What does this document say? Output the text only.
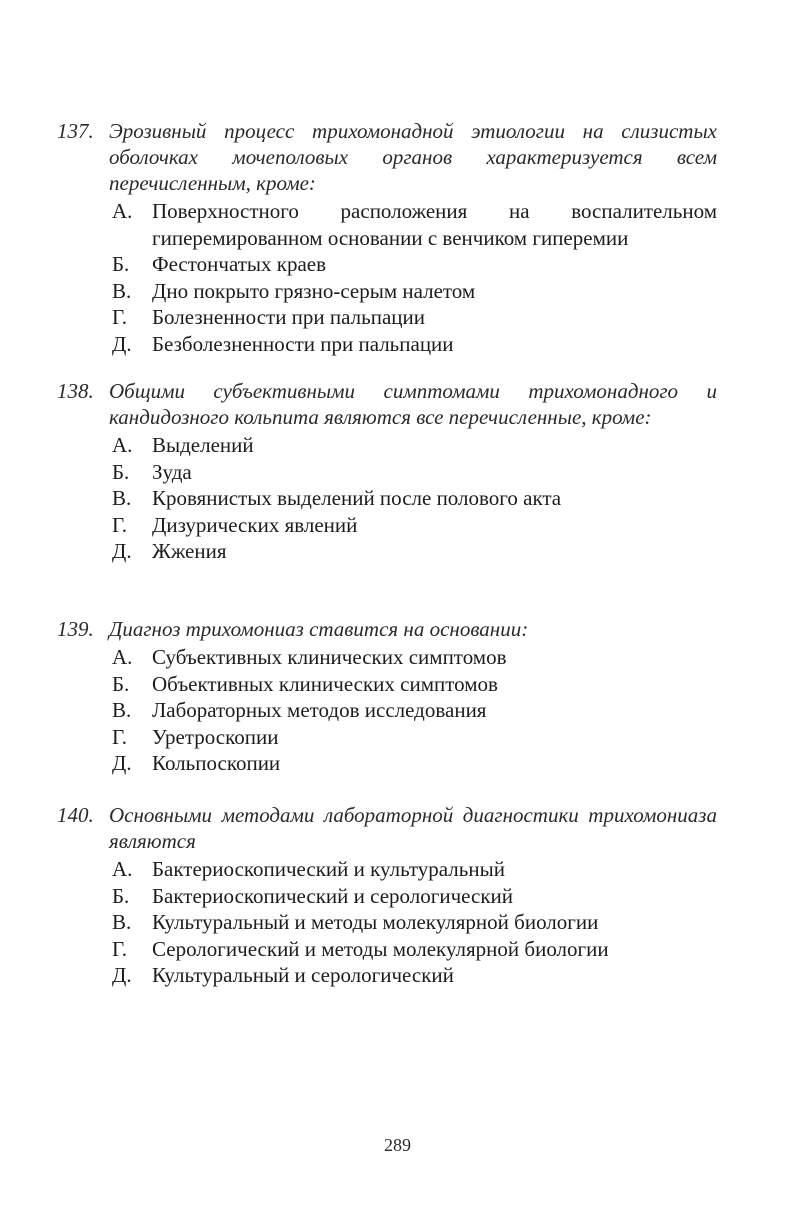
137. Эрозивный процесс трихомонадной этиологии на слизистых оболочках мочеполовых органов характеризуется всем перечисленным, кроме:
А. Поверхностного расположения на воспалительном гиперемированном основании с венчиком гиперемии
Б.	Фестончатых краев
В. Дно покрыто грязно-серым налетом
Г.	Болезненности при пальпации
Д. Безболезненности при пальпации
138. Общими субъективными симптомами трихомонадного и кандидозного кольпита являются все перечисленные, кроме:
А. Выделений
Б.	Зуда
В. Кровянистых выделений после полового акта
Г.	Дизурических явлений
Д. Жжения
139. Диагноз трихомониаз ставится на основании:
А. Субъективных клинических симптомов
Б.	Объективных клинических симптомов
В. Лабораторных методов исследования
Г.	Уретроскопии
Д. Кольпоскопии
140. Основными методами лабораторной диагностики трихомониаза являются
А. Бактериоскопический и культуральный
Б.	Бактериоскопический и серологический
В. Культуральный и методы молекулярной биологии
Г.	Серологический и методы молекулярной биологии
Д. Культуральный и серологический
289
